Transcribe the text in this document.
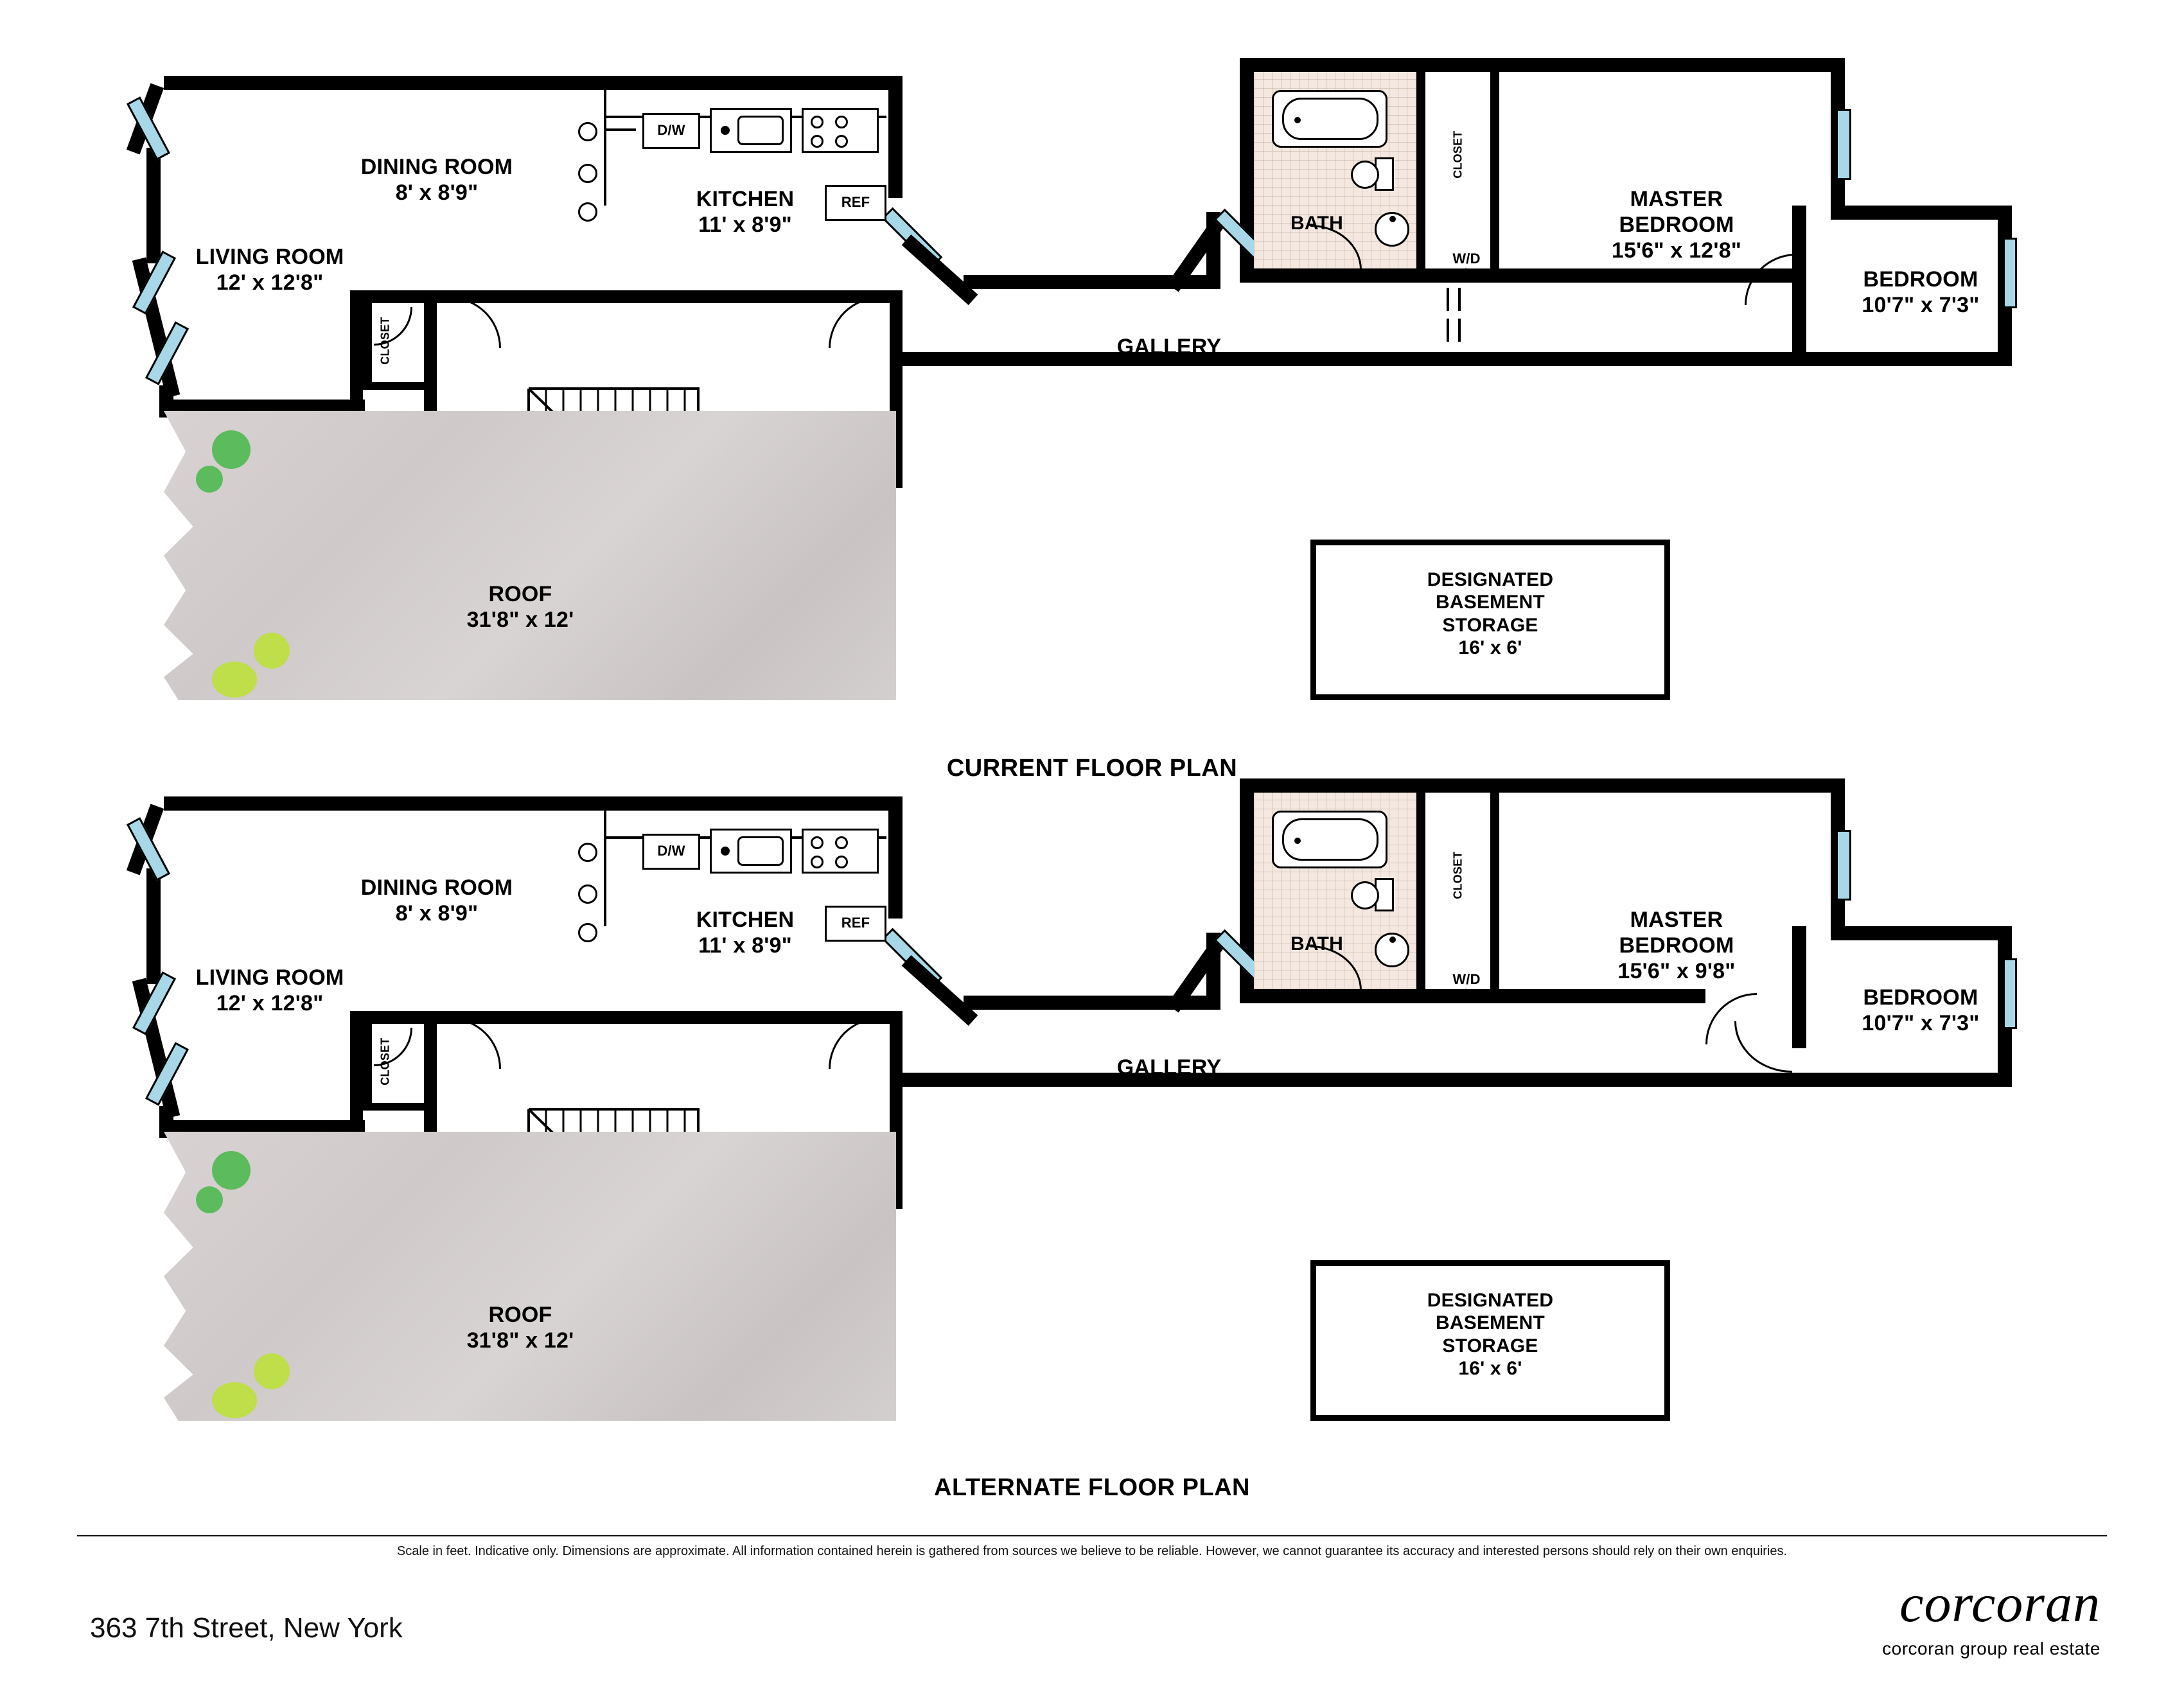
CLOSET
D/W
REF
LIVING ROOM
12' x 12'8"
DINING ROOM
8' x 8'9"	KITCHEN
11' x 8'9"
ROOF
31'8" x 12'
BATH
CLOSET
W/D
Hookups
MASTER
BEDROOM
15'6" x 12'8"
BEDROOM
10'7" x 7'3"
GALLERY
DESIGNATED
BASEMENT
STORAGE
16' x 6'
CURRENT FLOOR PLAN
CLOSET
D/W
REF
LIVING ROOM
12' x 12'8"
DINING ROOM
8' x 8'9"	KITCHEN
11' x 8'9"
ROOF
31'8" x 12'
BATH
CLOSET
W/D
Hookups
MASTER
BEDROOM
15'6" x 9'8"
BEDROOM
10'7" x 7'3"
GALLERY
DESIGNATED
BASEMENT
STORAGE
16' x 6'
ALTERNATE FLOOR PLAN
Scale in feet. Indicative only. Dimensions are approximate. All information contained herein is gathered from sources we believe to be reliable. However, we cannot guarantee its accuracy and interested persons should rely on their own enquiries.
363 7th Street, New York	corcoran
corcoran group real estate
